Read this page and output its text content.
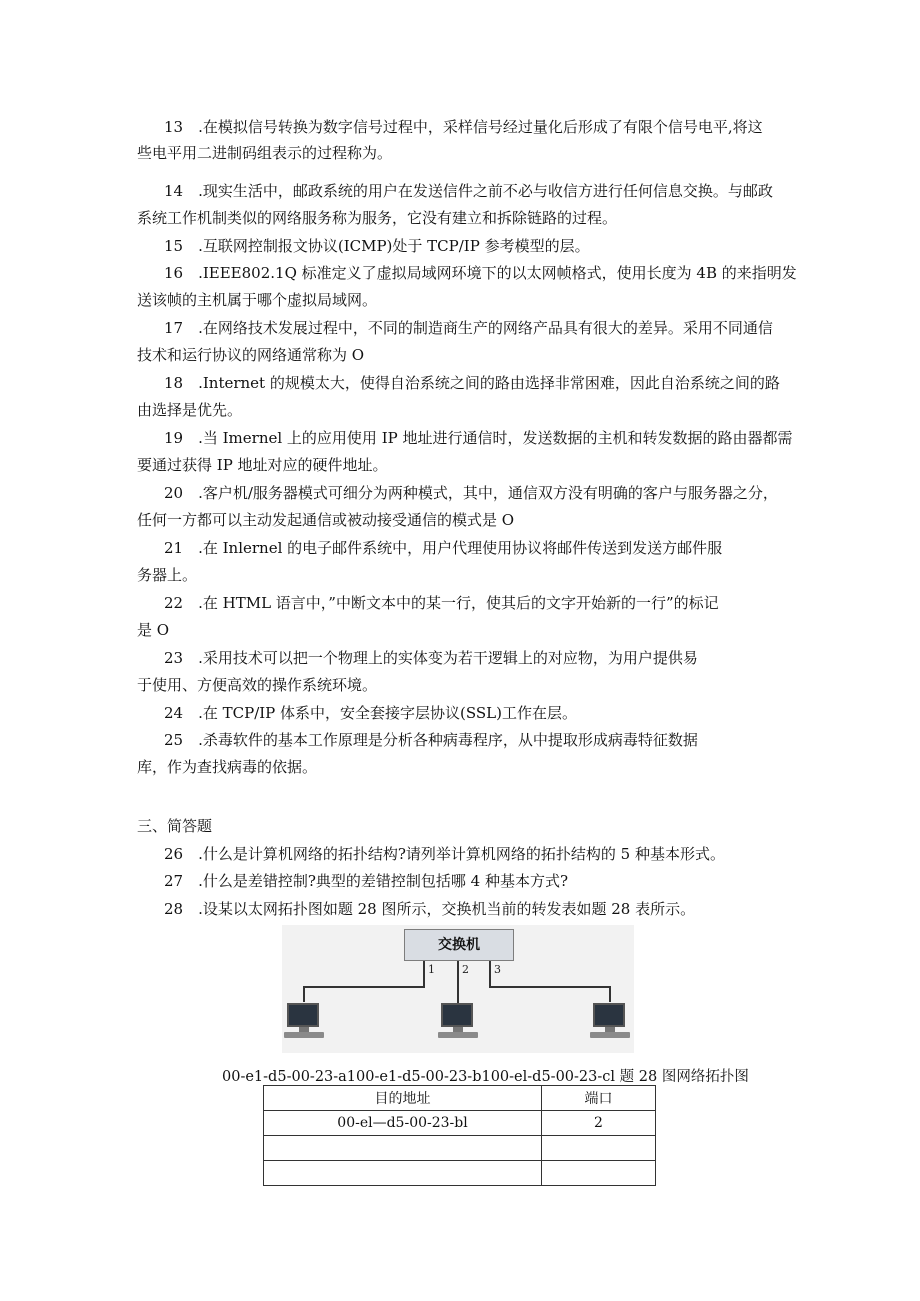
13　.在模拟信号转换为数字信号过程中，采样信号经过量化后形成了有限个信号电平,将这
些电平用二进制码组表示的过程称为。
14　.现实生活中，邮政系统的用户在发送信件之前不必与收信方进行任何信息交换。与邮政
系统工作机制类似的网络服务称为服务，它没有建立和拆除链路的过程。
15　.互联网控制报文协议(ICMP)处于 TCP/IP 参考模型的层。
16　.IEEE802.1Q 标准定义了虚拟局域网环境下的以太网帧格式，使用长度为 4B 的来指明发
送该帧的主机属于哪个虚拟局域网。
17　.在网络技术发展过程中，不同的制造商生产的网络产品具有很大的差异。采用不同通信
技术和运行协议的网络通常称为 O
18　.Internet 的规模太大，使得自治系统之间的路由选择非常困难，因此自治系统之间的路
由选择是优先。
19　.当 Imernel 上的应用使用 IP 地址进行通信时，发送数据的主机和转发数据的路由器都需
要通过获得 IP 地址对应的硬件地址。
20　.客户机/服务器模式可细分为两种模式，其中，通信双方没有明确的客户与服务器之分，
任何一方都可以主动发起通信或被动接受通信的模式是 O
21　.在 Inlernel 的电子邮件系统中，用户代理使用协议将邮件传送到发送方邮件服
务器上。
22　.在 HTML 语言中，”中断文本中的某一行，使其后的文字开始新的一行”的标记
是 O
23　.采用技术可以把一个物理上的实体变为若干逻辑上的对应物，为用户提供易
于使用、方便高效的操作系统环境。
24　.在 TCP/IP 体系中，安全套接字层协议(SSL)工作在层。
25　.杀毒软件的基本工作原理是分析各种病毒程序，从中提取形成病毒特征数据
库，作为查找病毒的依据。
三、简答题
26　.什么是计算机网络的拓扑结构?请列举计算机网络的拓扑结构的 5 种基本形式。
27　.什么是差错控制?典型的差错控制包括哪 4 种基本方式?
28　.设某以太网拓扑图如题 28 图所示，交换机当前的转发表如题 28 表所示。
交换机
1 2 3
00-e1-d5-00-23-a100-e1-d5-00-23-b100-el-d5-00-23-cl 题 28 图网络拓扑图
目的地址	端口
00-el—d5-00-23-bl	2
